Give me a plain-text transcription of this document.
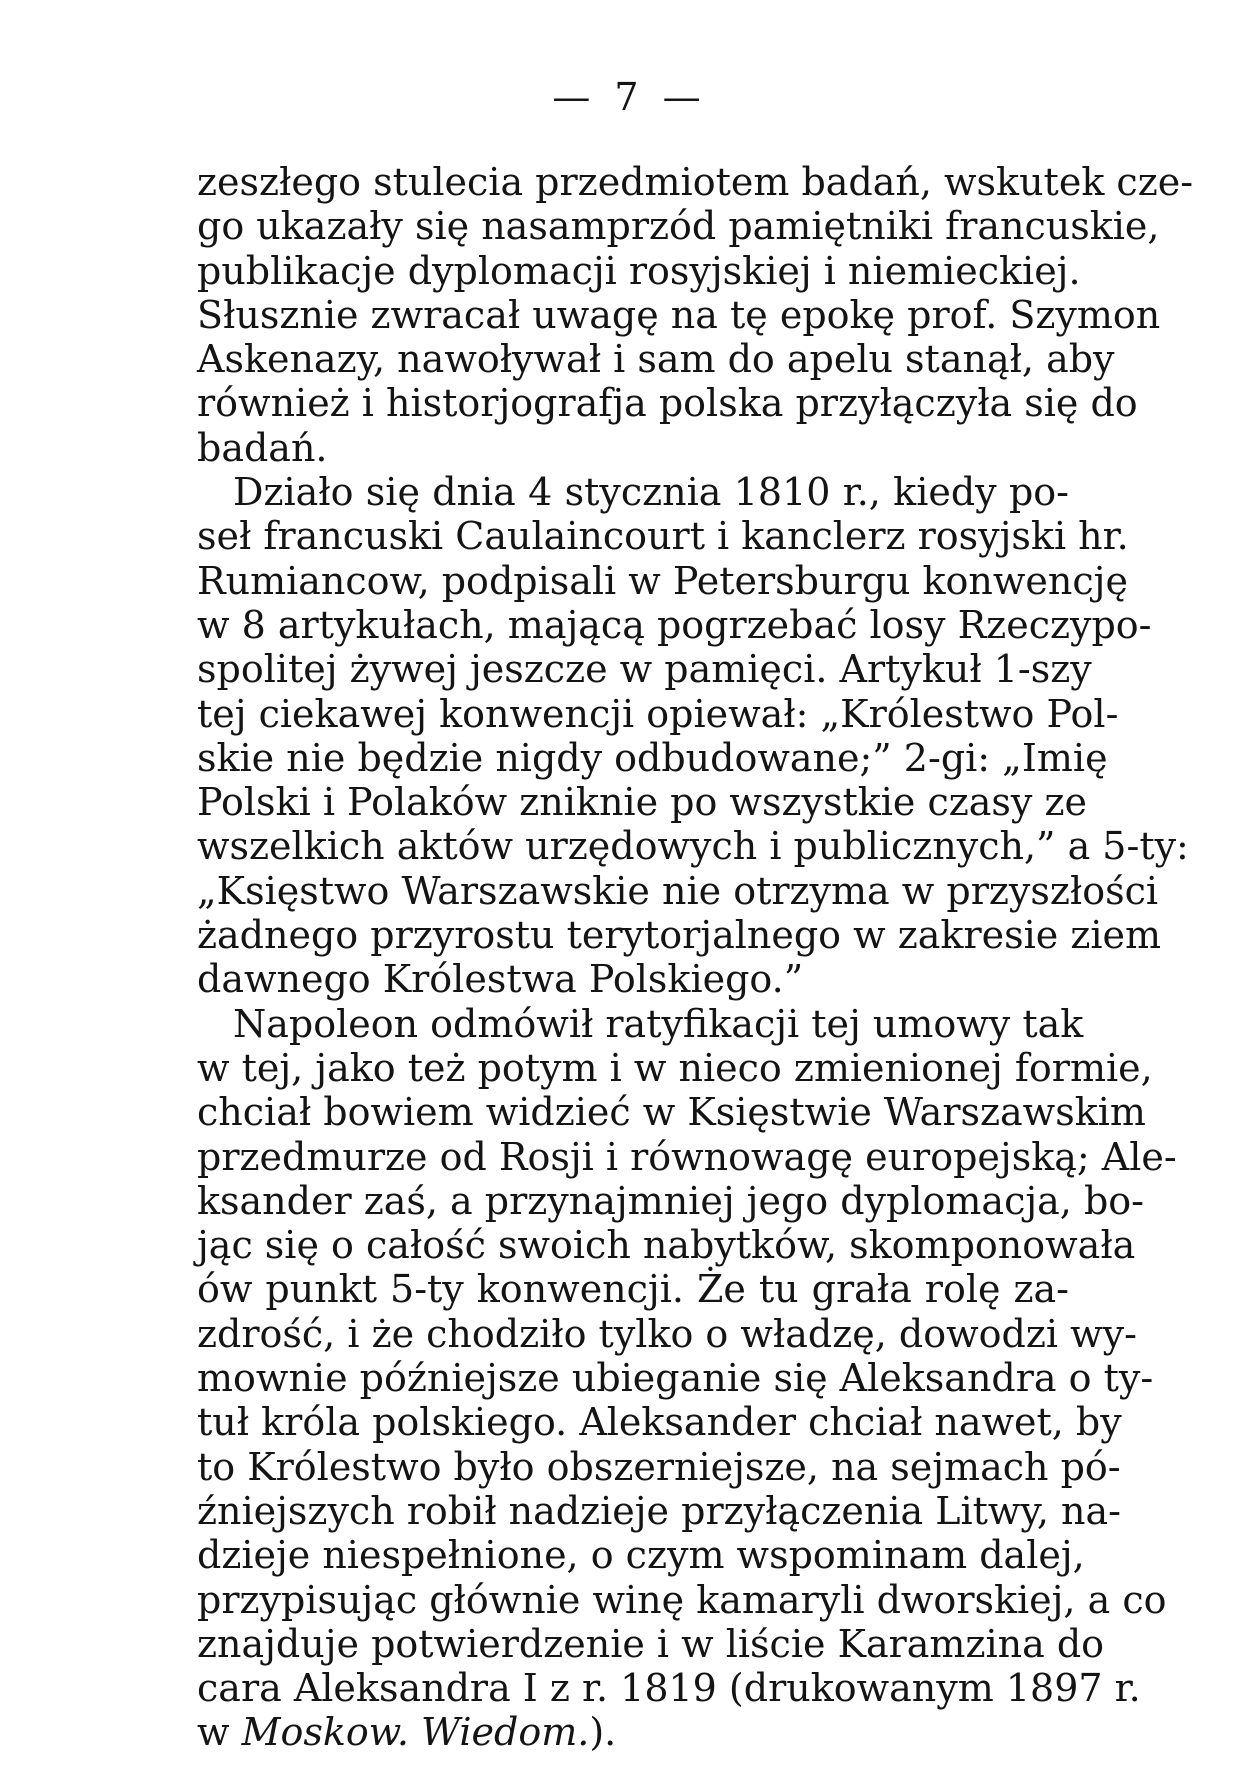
— 7 —
zeszłego stulecia przedmiotem badań, wskutek cze-
go ukazały się nasamprzód pamiętniki francuskie,
publikacje dyplomacji rosyjskiej i niemieckiej.
Słusznie zwracał uwagę na tę epokę prof. Szymon
Askenazy, nawoływał i sam do apelu stanął, aby
również i historjografja polska przyłączyła się do
badań.
Działo się dnia 4 stycznia 1810 r., kiedy po-
seł francuski Caulaincourt i kanclerz rosyjski hr.
Rumiancow, podpisali w Petersburgu konwencję
w 8 artykułach, mającą pogrzebać losy Rzeczypo-
spolitej żywej jeszcze w pamięci. Artykuł 1-szy
tej ciekawej konwencji opiewał: „Królestwo Pol-
skie nie będzie nigdy odbudowane;” 2-gi: „Imię
Polski i Polaków zniknie po wszystkie czasy ze
wszelkich aktów urzędowych i publicznych,” a 5-ty:
„Księstwo Warszawskie nie otrzyma w przyszłości
żadnego przyrostu terytorjalnego w zakresie ziem
dawnego Królestwa Polskiego.”
Napoleon odmówił ratyfikacji tej umowy tak
w tej, jako też potym i w nieco zmienionej formie,
chciał bowiem widzieć w Księstwie Warszawskim
przedmurze od Rosji i równowagę europejską; Ale-
ksander zaś, a przynajmniej jego dyplomacja, bo-
jąc się o całość swoich nabytków, skomponowała
ów punkt 5-ty konwencji. Że tu grała rolę za-
zdrość, i że chodziło tylko o władzę, dowodzi wy-
mownie późniejsze ubieganie się Aleksandra o ty-
tuł króla polskiego. Aleksander chciał nawet, by
to Królestwo było obszerniejsze, na sejmach pó-
źniejszych robił nadzieje przyłączenia Litwy, na-
dzieje niespełnione, o czym wspominam dalej,
przypisując głównie winę kamaryli dworskiej, a co
znajduje potwierdzenie i w liście Karamzina do
cara Aleksandra I z r. 1819 (drukowanym 1897 r.
w Moskow. Wiedom.).
